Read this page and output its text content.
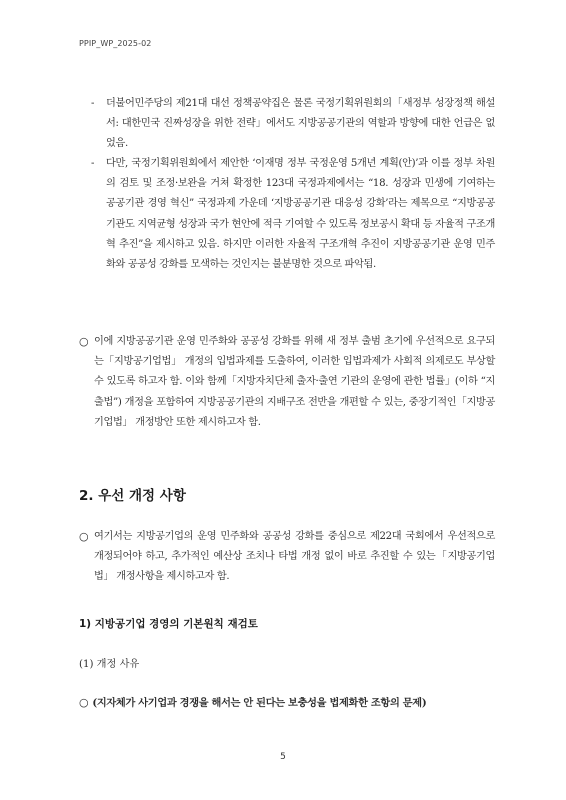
PPIP_WP_2025-02
- 더불어민주당의 제21대 대선 정책공약집은 물론 국정기획위원회의「새정부 성장정책 해설서: 대한민국 진짜성장을 위한 전략」에서도 지방공공기관의 역할과 방향에 대한 언급은 없었음.
- 다만, 국정기획위원회에서 제안한 ‘이재명 정부 국정운영 5개년 계획(안)’과 이를 정부 차원의 검토 및 조정·보완을 거쳐 확정한 123대 국정과제에서는 “18. 성장과 민생에 기여하는 공공기관 경영 혁신” 국정과제 가운데 ‘지방공공기관 대응성 강화’라는 제목으로 “지방공공기관도 지역균형 성장과 국가 현안에 적극 기여할 수 있도록 정보공시 확대 등 자율적 구조개혁 추진”을 제시하고 있음. 하지만 이러한 자율적 구조개혁 추진이 지방공공기관 운영 민주화와 공공성 강화를 모색하는 것인지는 불분명한 것으로 파악됨.
○ 이에 지방공공기관 운영 민주화와 공공성 강화를 위해 새 정부 출범 초기에 우선적으로 요구되는「지방공기업법」 개정의 입법과제를 도출하여, 이러한 입법과제가 사회적 의제로도 부상할 수 있도록 하고자 함. 이와 함께「지방자치단체 출자·출연 기관의 운영에 관한 법률」(이하 “지출법”) 개정을 포함하여 지방공공기관의 지배구조 전반을 개편할 수 있는, 중장기적인「지방공기업법」 개정방안 또한 제시하고자 함.
2. 우선 개정 사항
○ 여기서는 지방공기업의 운영 민주화와 공공성 강화를 중심으로 제22대 국회에서 우선적으로 개정되어야 하고, 추가적인 예산상 조치나 타법 개정 없이 바로 추진할 수 있는「지방공기업법」 개정사항을 제시하고자 함.
1) 지방공기업 경영의 기본원칙 재검토
(1) 개정 사유
○ (지자체가 사기업과 경쟁을 해서는 안 된다는 보충성을 법제화한 조항의 문제)
5
